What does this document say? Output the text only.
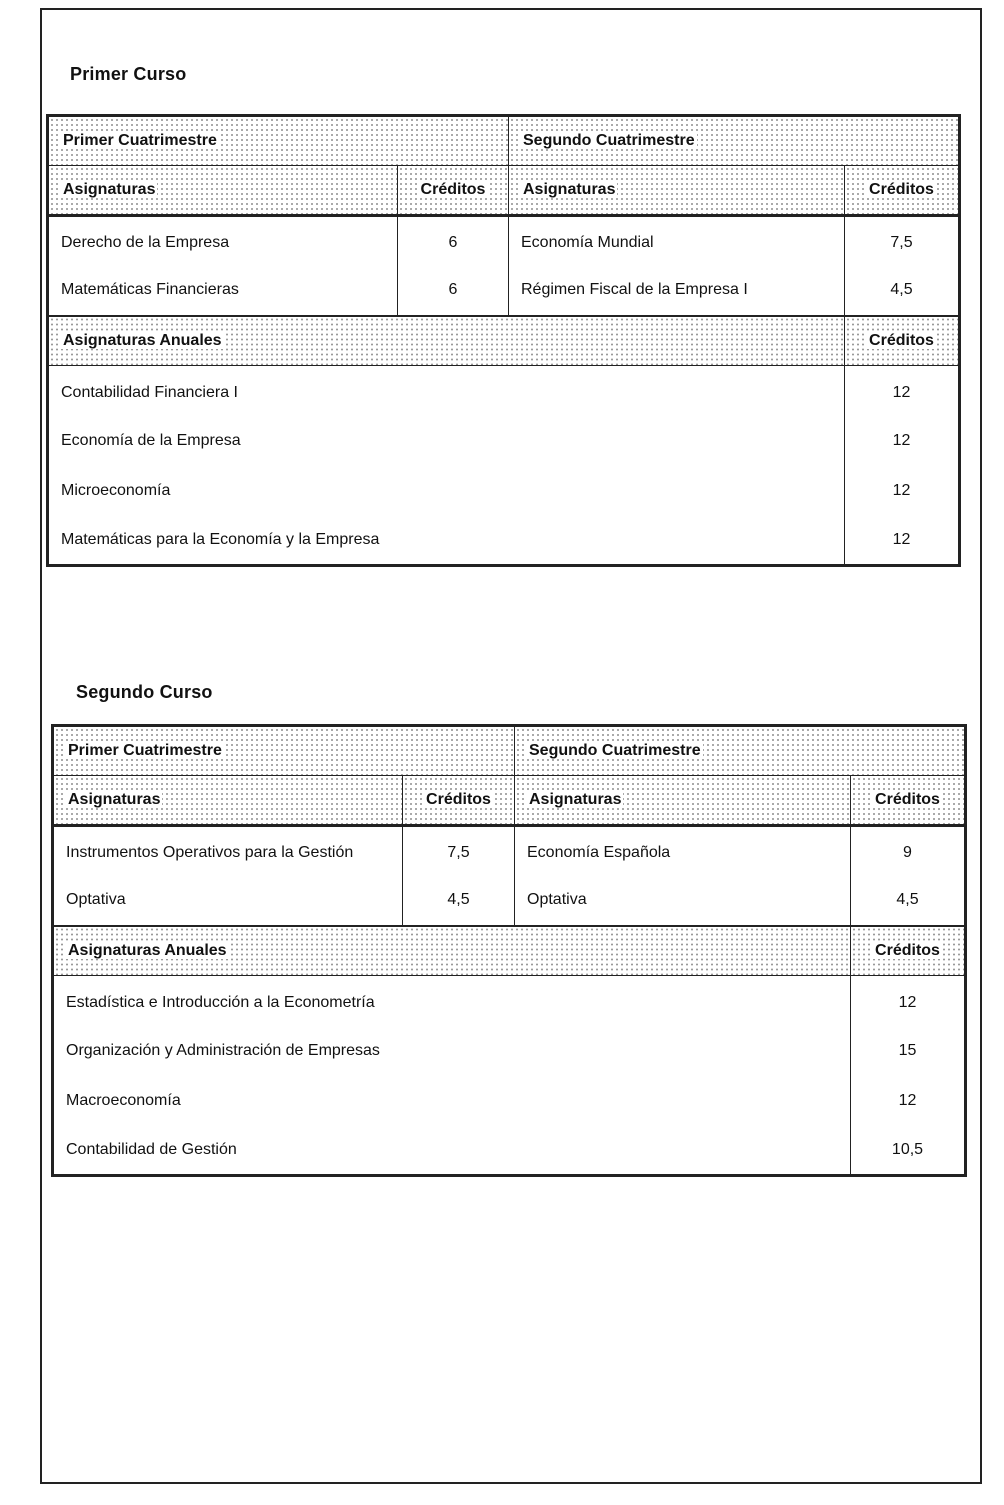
Primer Curso
Primer Cuatrimestre		Segundo Cuatrimestre	
Asignaturas	Créditos	Asignaturas	Créditos
Derecho de la Empresa	6	Economía Mundial	7,5
Matemáticas Financieras	6	Régimen Fiscal de la Empresa I	4,5
Asignaturas Anuales			Créditos
Contabilidad Financiera I			12
Economía de la Empresa			12
Microeconomía			12
Matemáticas para la Economía y la Empresa			12
Segundo Curso
Primer Cuatrimestre		Segundo Cuatrimestre	
Asignaturas	Créditos	Asignaturas	Créditos
Instrumentos Operativos para la Gestión	7,5	Economía Española	9
Optativa	4,5	Optativa	4,5
Asignaturas Anuales			Créditos
Estadística e Introducción a la Econometría			12
Organización y Administración de Empresas			15
Macroeconomía			12
Contabilidad de Gestión			10,5
